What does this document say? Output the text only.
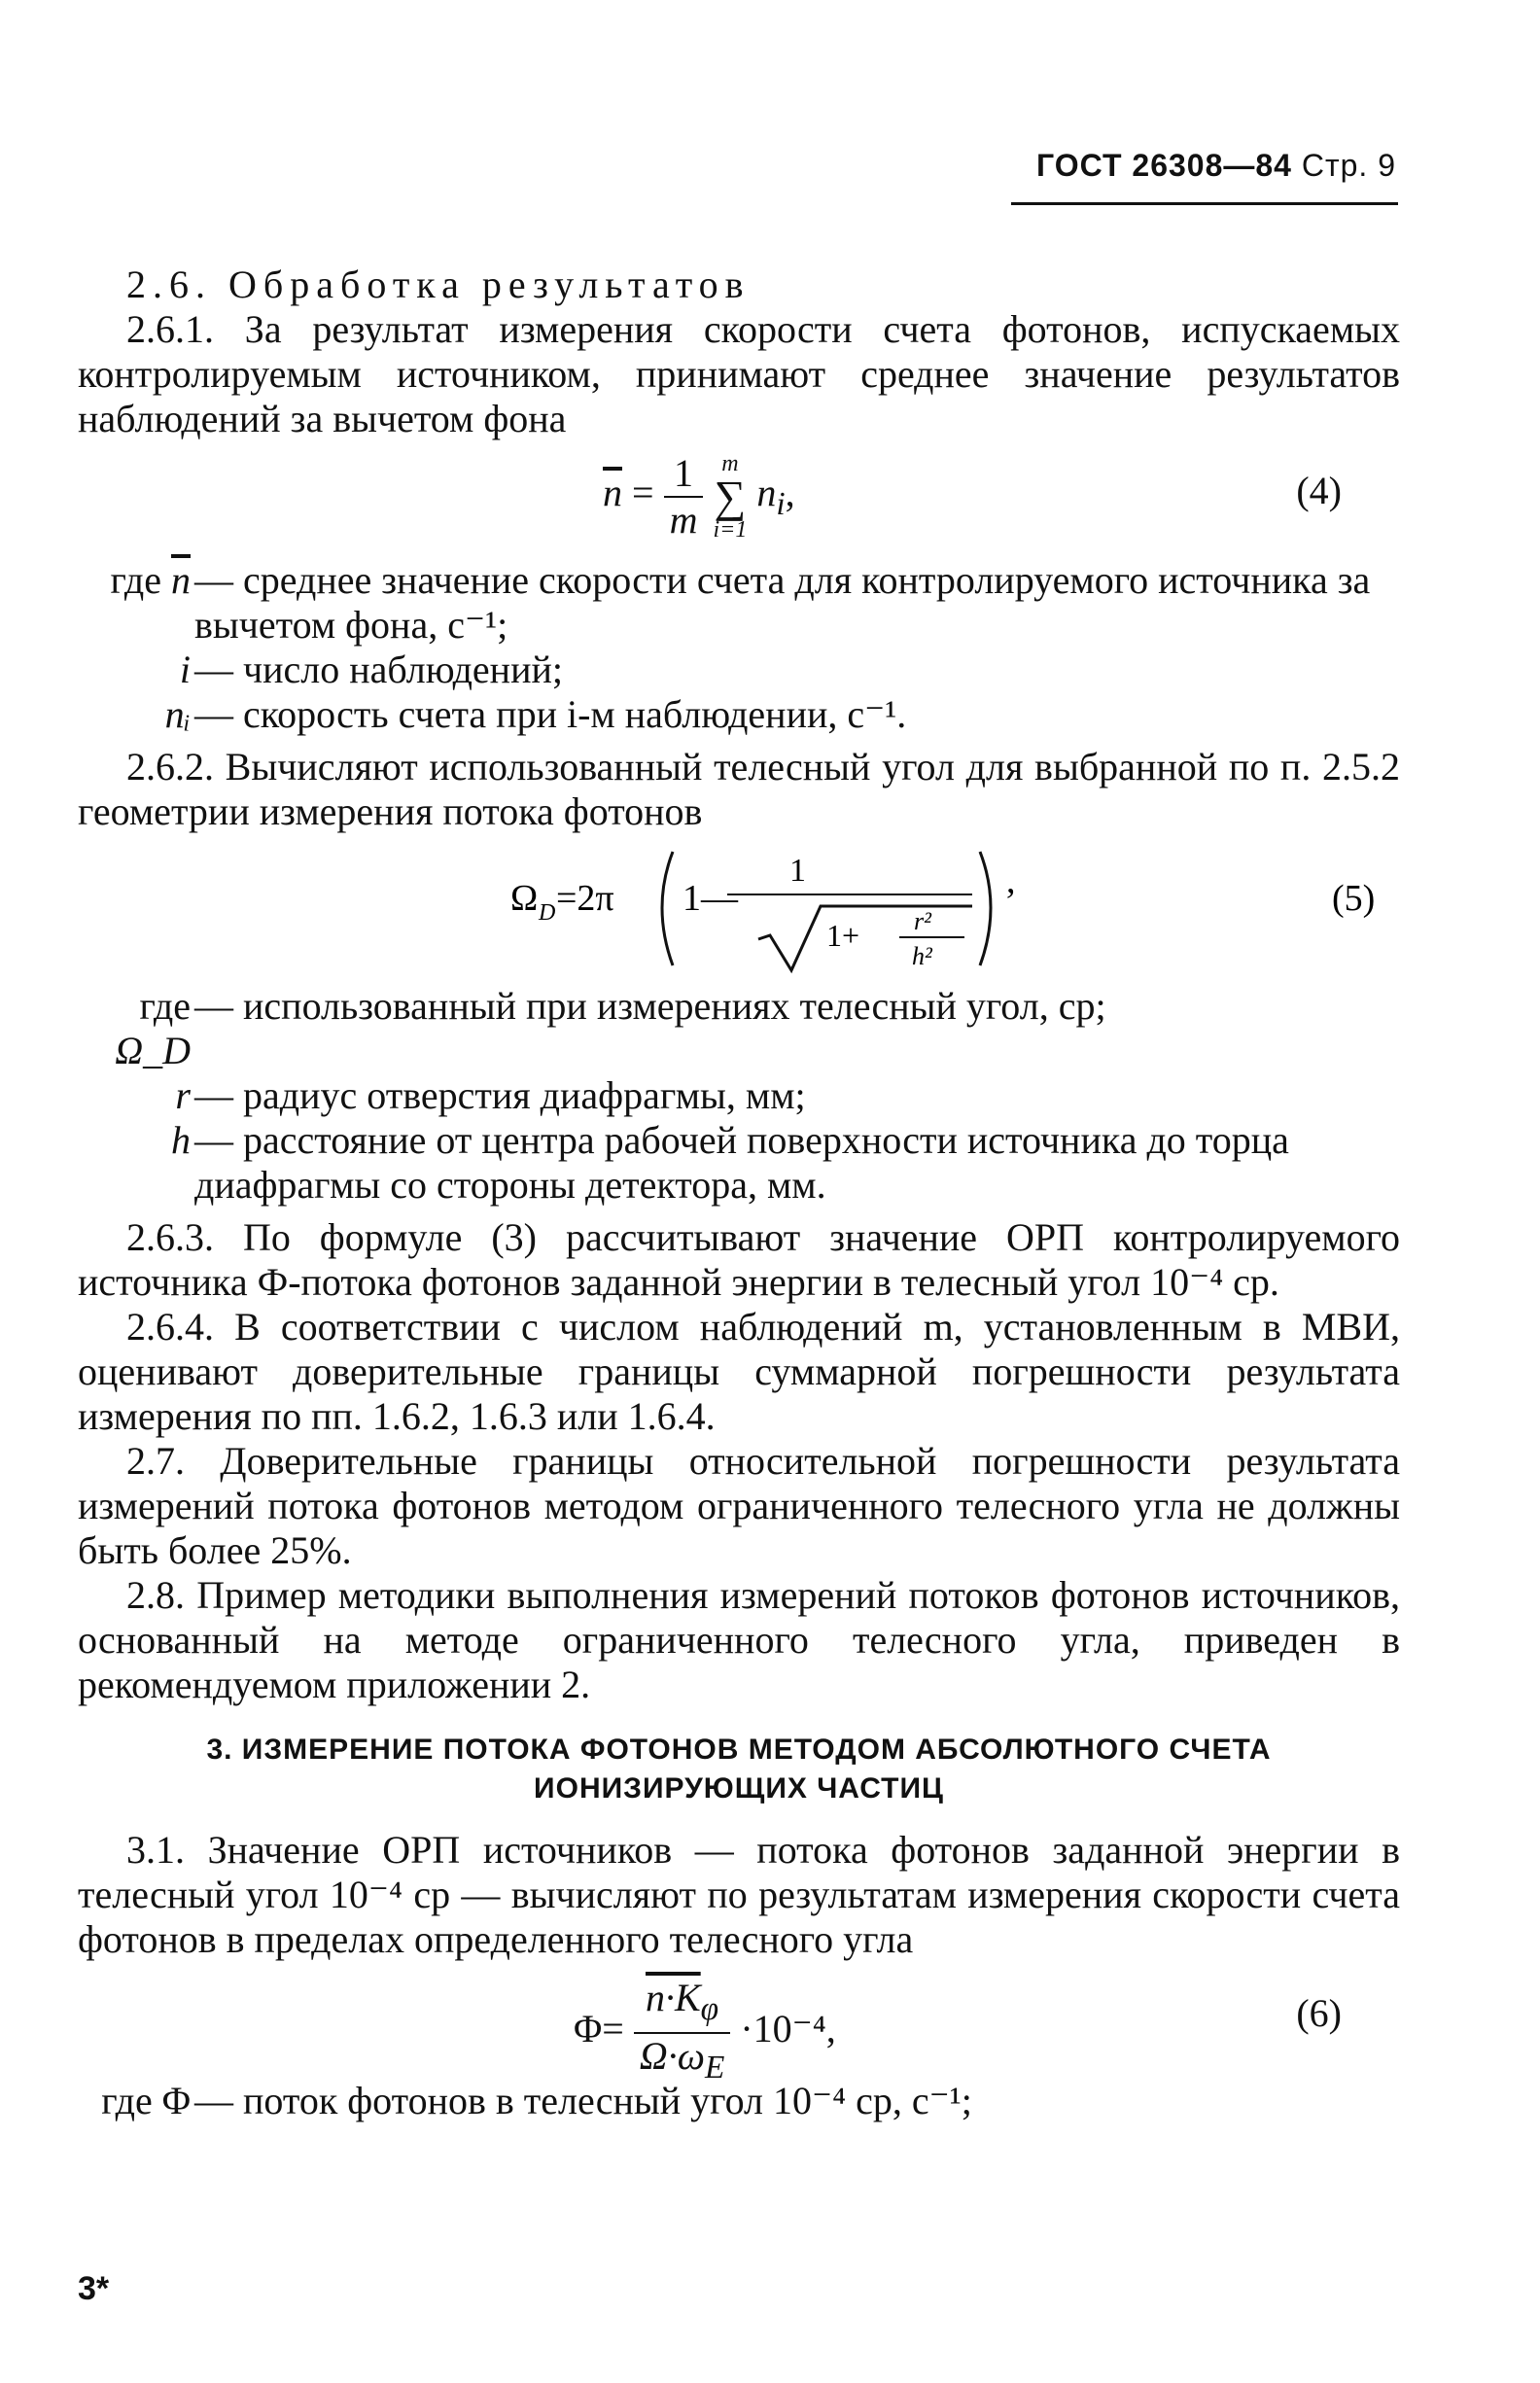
ГОСТ 26308—84 Стр. 9

2.6. Обработка результатов

2.6.1. За результат измерения скорости счета фотонов, испускаемых контролируемым источником, принимают среднее значение результатов наблюдений за вычетом фона

$\overline{n} = \frac{1}{m}$ m
∑
i=1 $n_i$,	(4)
где $\overline{n}$ — среднее значение скорости счета для контролируемого источника за вычетом фона, с⁻¹;
i — число наблюдений;
nᵢ — скорость счета при i-м наблюдении, с⁻¹.

2.6.2. Вычисляют использованный телесный угол для выбранной по п. 2.5.2 геометрии измерения потока фотонов

Ω D =2π 1—
1
1+ r²
h²
,	(5)
где Ω_D
— использованный при измерениях телесный угол, ср;
r — радиус отверстия диафрагмы, мм;
h — расстояние от центра рабочей поверхности источника до торца диафрагмы со стороны детектора, мм.

2.6.3. По формуле (3) рассчитывают значение ОРП контролируемого источника Ф-потока фотонов заданной энергии в телесный угол 10⁻⁴ ср.

2.6.4. В соответствии с числом наблюдений m, установленным в МВИ, оценивают доверительные границы суммарной погрешности результата измерения по пп. 1.6.2, 1.6.3 или 1.6.4.

2.7. Доверительные границы относительной погрешности результата измерений потока фотонов методом ограниченного телесного угла не должны быть более 25%.

2.8. Пример методики выполнения измерений потоков фотонов источников, основанный на методе ограниченного телесного угла, приведен в рекомендуемом приложении 2.

3. ИЗМЕРЕНИЕ ПОТОКА ФОТОНОВ МЕТОДОМ АБСОЛЮТНОГО СЧЕТА
ИОНИЗИРУЮЩИХ ЧАСТИЦ

3.1. Значение ОРП источников — потока фотонов заданной энергии в телесный угол 10⁻⁴ ср — вычисляют по результатам измерения скорости счета фотонов в пределах определенного телесного угла

$\Phi= \frac{n\cdot K_\varphi}{\Omega\cdot\omega_E} \cdot 10^{-4}$,	(6)
где Φ — поток фотонов в телесный угол 10⁻⁴ ср, с⁻¹;
3*
